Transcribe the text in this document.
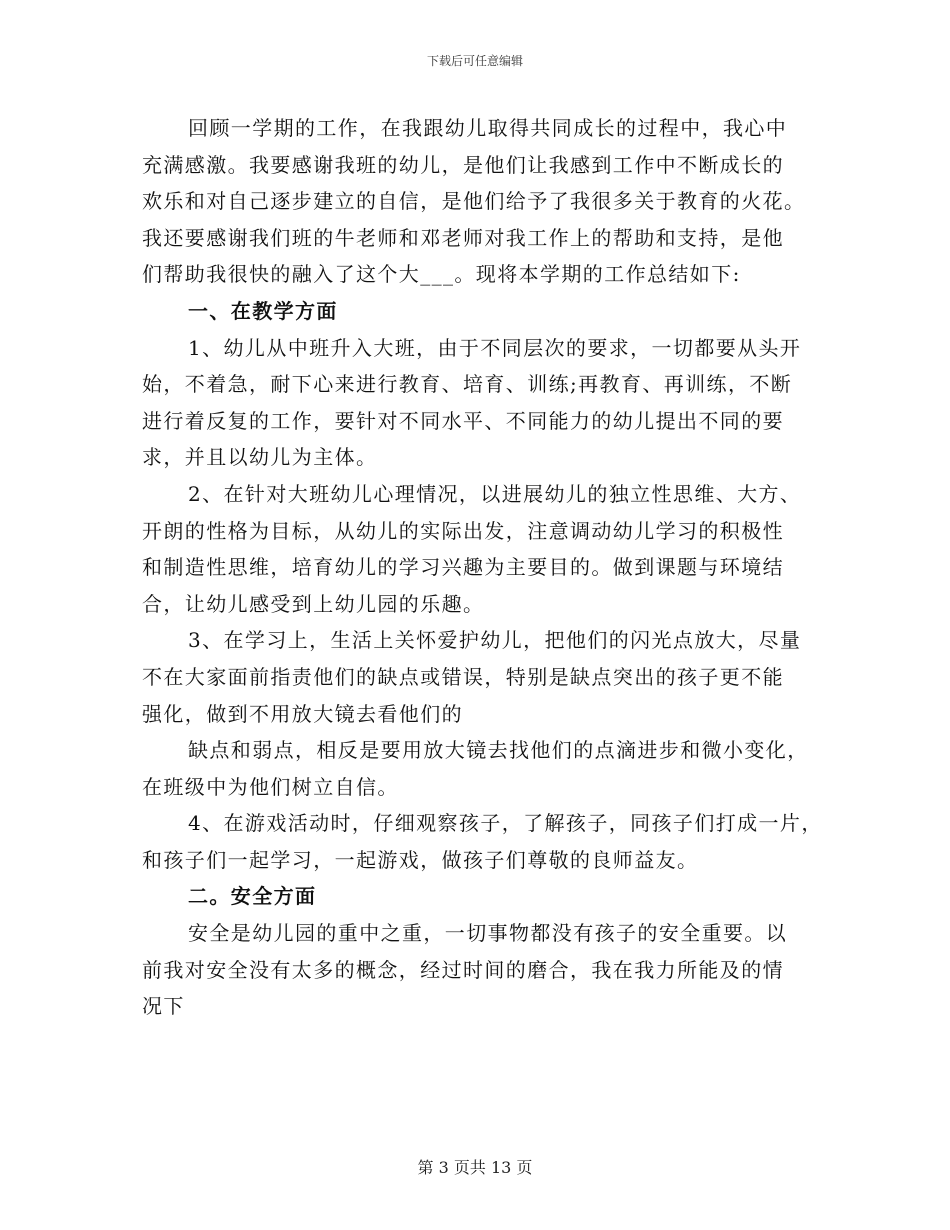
下载后可任意编辑
回顾一学期的工作，在我跟幼儿取得共同成长的过程中，我心中
充满感激。我要感谢我班的幼儿，是他们让我感到工作中不断成长的
欢乐和对自己逐步建立的自信，是他们给予了我很多关于教育的火花。
我还要感谢我们班的牛老师和邓老师对我工作上的帮助和支持，是他
们帮助我很快的融入了这个大___。现将本学期的工作总结如下:
一、在教学方面
1、幼儿从中班升入大班，由于不同层次的要求，一切都要从头开
始，不着急，耐下心来进行教育、培育、训练;再教育、再训练，不断
进行着反复的工作，要针对不同水平、不同能力的幼儿提出不同的要
求，并且以幼儿为主体。
2、在针对大班幼儿心理情况，以进展幼儿的独立性思维、大方、
开朗的性格为目标，从幼儿的实际出发，注意调动幼儿学习的积极性
和制造性思维，培育幼儿的学习兴趣为主要目的。做到课题与环境结
合，让幼儿感受到上幼儿园的乐趣。
3、在学习上，生活上关怀爱护幼儿，把他们的闪光点放大，尽量
不在大家面前指责他们的缺点或错误，特别是缺点突出的孩子更不能
强化，做到不用放大镜去看他们的
缺点和弱点，相反是要用放大镜去找他们的点滴进步和微小变化，
在班级中为他们树立自信。
4、在游戏活动时，仔细观察孩子，了解孩子，同孩子们打成一片，
和孩子们一起学习，一起游戏，做孩子们尊敬的良师益友。
二。安全方面
安全是幼儿园的重中之重，一切事物都没有孩子的安全重要。以
前我对安全没有太多的概念，经过时间的磨合，我在我力所能及的情
况下
第 3 页共 13 页
